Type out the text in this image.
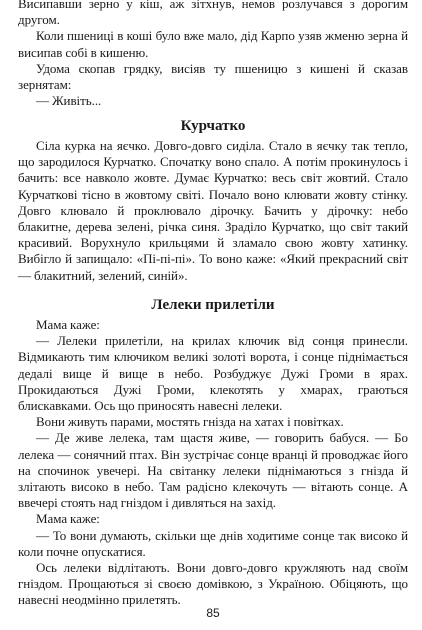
Висипавши зерно у кіш, аж зітхнув, немов розлучався з дорогим другом.

Коли пшениці в коші було вже мало, дід Карпо узяв жменю зерна й висипав собі в кишеню.

Удома скопав грядку, висіяв ту пшеницю з кишені й сказав зернятам:

— Живіть...

Курчатко

Сіла курка на яєчко. Довго-довго сиділа. Стало в яєчку так тепло, що зародилося Курчатко. Спочатку воно спало. А потім прокинулось і бачить: все навколо жовте. Думає Курчатко: весь світ жовтий. Стало Курчаткові тісно в жовтому світі. Почало воно клювати жовту стінку. Довго клювало й проклювало дірочку. Бачить у дірочку: небо блакитне, дерева зелені, річка синя. Зраділо Курчатко, що світ такий красивий. Ворухнуло крильцями й зламало свою жовту хатинку. Вибігло й запищало: «Пі-пі-пі». То воно каже: «Який прекрасний світ — блакитний, зелений, синій».

Лелеки прилетіли

Мама каже:

— Лелеки прилетіли, на крилах ключик від сонця принесли. Відмикають тим ключиком великі золоті ворота, і сонце піднімається дедалі вище й вище в небо. Розбуджує Дужі Громи в ярах. Прокидаються Дужі Громи, клекотять у хмарах, граються блискавками. Ось що приносять навесні лелеки.

Вони живуть парами, мостять гнізда на хатах і повітках.

— Де живе лелека, там щастя живе, — говорить бабуся. — Бо лелека — сонячний птах. Він зустрічає сонце вранці й проводжає його на спочинок увечері. На світанку лелеки піднімаються з гнізда й злітають високо в небо. Там радісно клекочуть — вітають сонце. А ввечері стоять над гніздом і дивляться на захід.

Мама каже:

— То вони думають, скільки ще днів ходитиме сонце так високо й коли почне опускатися.

Ось лелеки відлітають. Вони довго-довго кружляють над своїм гніздом. Прощаються зі своєю домівкою, з Україною. Обіцяють, що навесні неодмінно прилетять.

85
